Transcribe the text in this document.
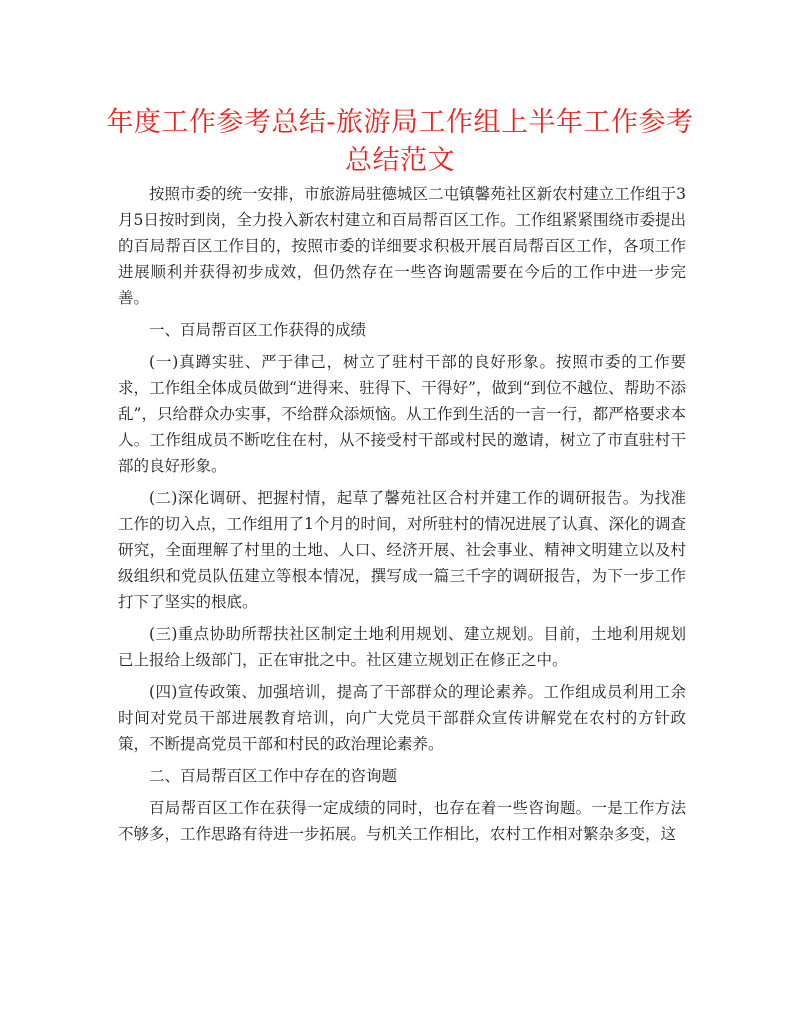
年度工作参考总结-旅游局工作组上半年工作参考总结范文

按照市委的统一安排，市旅游局驻德城区二屯镇馨苑社区新农村建立工作组于3月5日按时到岗，全力投入新农村建立和百局帮百区工作。工作组紧紧围绕市委提出的百局帮百区工作目的，按照市委的详细要求积极开展百局帮百区工作，各项工作进展顺利并获得初步成效，但仍然存在一些咨询题需要在今后的工作中进一步完善。

一、百局帮百区工作获得的成绩

(一)真蹲实驻、严于律己，树立了驻村干部的良好形象。按照市委的工作要求，工作组全体成员做到“进得来、驻得下、干得好”，做到“到位不越位、帮助不添乱”，只给群众办实事，不给群众添烦恼。从工作到生活的一言一行，都严格要求本人。工作组成员不断吃住在村，从不接受村干部或村民的邀请，树立了市直驻村干部的良好形象。

(二)深化调研、把握村情，起草了馨苑社区合村并建工作的调研报告。为找准工作的切入点，工作组用了1个月的时间，对所驻村的情况进展了认真、深化的调查研究，全面理解了村里的土地、人口、经济开展、社会事业、精神文明建立以及村级组织和党员队伍建立等根本情况，撰写成一篇三千字的调研报告，为下一步工作打下了坚实的根底。

(三)重点协助所帮扶社区制定土地利用规划、建立规划。目前，土地利用规划已上报给上级部门，正在审批之中。社区建立规划正在修正之中。

(四)宣传政策、加强培训，提高了干部群众的理论素养。工作组成员利用工余时间对党员干部进展教育培训，向广大党员干部群众宣传讲解党在农村的方针政策，不断提高党员干部和村民的政治理论素养。

二、百局帮百区工作中存在的咨询题

百局帮百区工作在获得一定成绩的同时，也存在着一些咨询题。一是工作方法不够多，工作思路有待进一步拓展。与机关工作相比，农村工作相对繁杂多变，这
